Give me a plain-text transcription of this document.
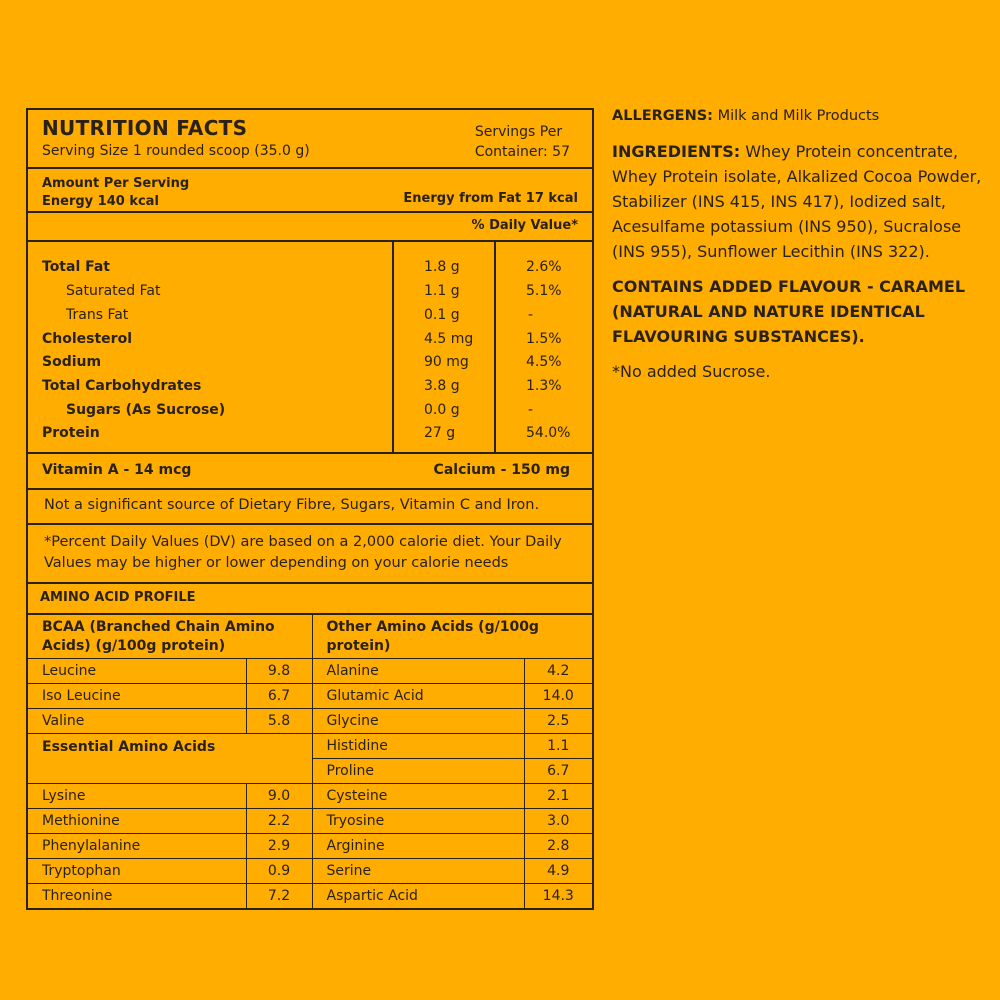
NUTRITION FACTS
Serving Size 1 rounded scoop (35.0 g)
Servings Per
Container: 57
Amount Per Serving
Energy 140 kcal	Energy from Fat 17 kcal
% Daily Value*
Total Fat	1.8 g	2.6%
Saturated Fat	1.1 g	5.1%
Trans Fat	0.1 g	-
Cholesterol	4.5 mg	1.5%
Sodium	90 mg	4.5%
Total Carbohydrates	3.8 g	1.3%
Sugars (As Sucrose)	0.0 g	-
Protein	27 g	54.0%
Vitamin A - 14 mcg	Calcium - 150 mg
Not a significant source of Dietary Fibre, Sugars, Vitamin C and Iron.
*Percent Daily Values (DV) are based on a 2,000 calorie diet. Your Daily Values may be higher or lower depending on your calorie needs
AMINO ACID PROFILE
BCAA (Branched Chain Amino Acids) (g/100g protein)		Other Amino Acids (g/100g protein)	
Leucine	9.8	Alanine	4.2
Iso Leucine	6.7	Glutamic Acid	14.0
Valine	5.8	Glycine	2.5
Essential Amino Acids		Histidine	1.1
		Proline	6.7
Lysine	9.0	Cysteine	2.1
Methionine	2.2	Tryosine	3.0
Phenylalanine	2.9	Arginine	2.8
Tryptophan	0.9	Serine	4.9
Threonine	7.2	Aspartic Acid	14.3

ALLERGENS: Milk and Milk Products

INGREDIENTS: Whey Protein concentrate, Whey Protein isolate, Alkalized Cocoa Powder, Stabilizer (INS 415, INS 417), Iodized salt, Acesulfame potassium (INS 950), Sucralose (INS 955), Sunflower Lecithin (INS 322).

CONTAINS ADDED FLAVOUR - CARAMEL (NATURAL AND NATURE IDENTICAL FLAVOURING SUBSTANCES).

*No added Sucrose.
